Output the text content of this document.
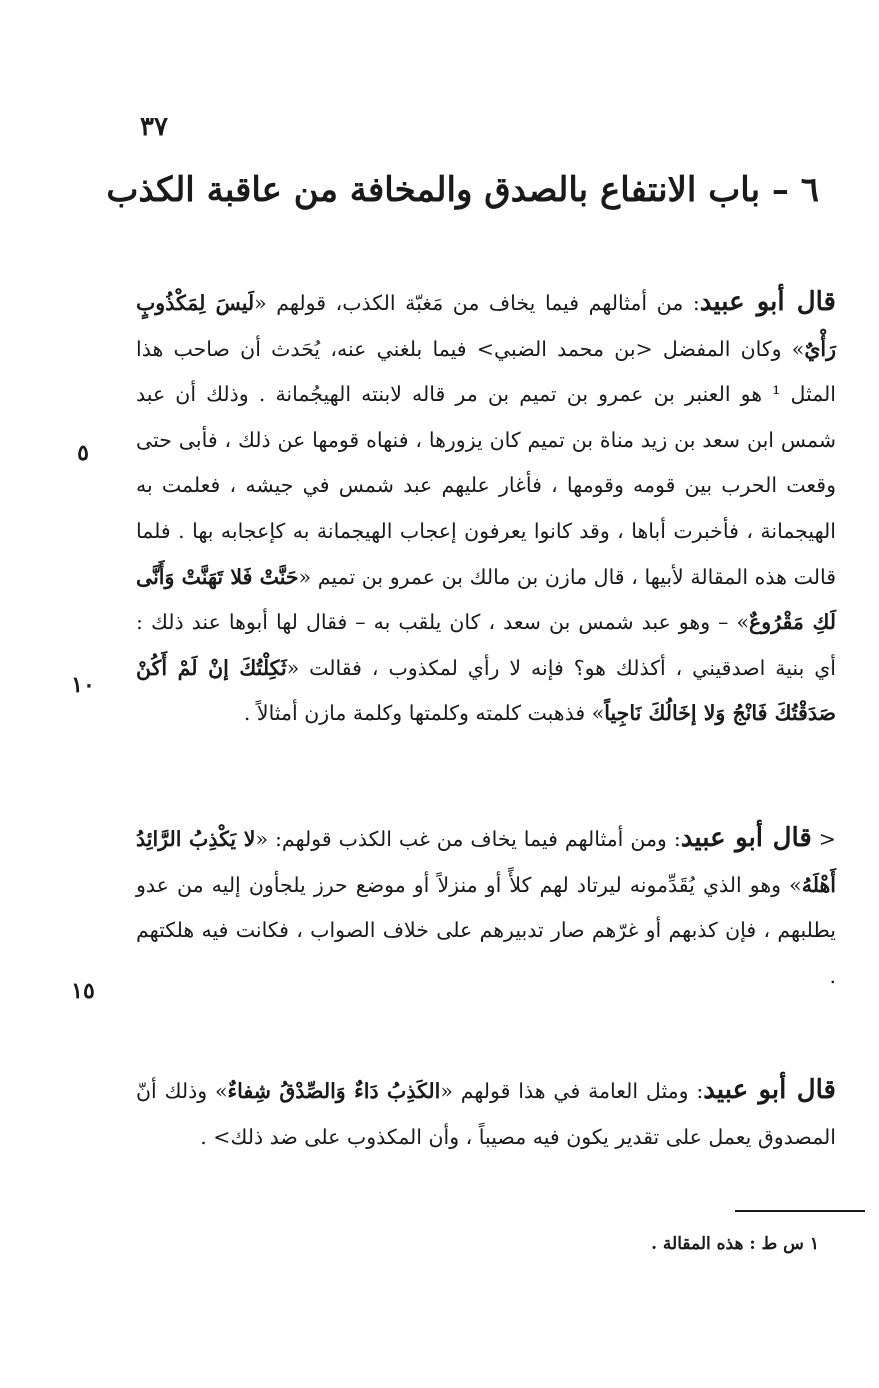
٣٧
٦ – باب الانتفاع بالصدق والمخافة من عاقبة الكذب
قال أبو عبيد: من أمثالهم فيما يخاف من مَغبّة الكذب، قولهم «لَيسَ لِمَكْذُوبٍ رَأْيٌ» وكان المفضل <بن محمد الضبي> فيما بلغني عنه، يُحَدث أن صاحب هذا المثل ¹ هو العنبر بن عمرو بن تميم بن مر قاله لابنته الهيجُمانة . وذلك أن عبد شمس ابن سعد بن زيد مناة بن تميم كان يزورها ، فنهاه قومها عن ذلك ، فأبى حتى وقعت الحرب بين قومه وقومها ، فأغار عليهم عبد شمس في جيشه ، فعلمت به الهيجمانة ، فأخبرت أباها ، وقد كانوا يعرفون إعجاب الهيجمانة به كإعجابه بها . فلما قالت هذه المقالة لأبيها ، قال مازن بن مالك بن عمرو بن تميم «حَنَّتْ فَلا تَهَنَّتْ وَأَنَّى لَكِ مَقْرُوعٌ» – وهو عبد شمس بن سعد ، كان يلقب به – فقال لها أبوها عند ذلك : أي بنية اصدقيني ، أكذلك هو؟ فإنه لا رأي لمكذوب ، فقالت «ثَكِلْتُكَ إنْ لَمْ أَكُنْ صَدَقْتُكَ فَانْجُ وَلا إخَالُكَ نَاجِياً» فذهبت كلمته وكلمتها وكلمة مازن أمثالاً .
٥
١٠
١٥
< قال أبو عبيد: ومن أمثالهم فيما يخاف من غب الكذب قولهم: «لا يَكْذِبُ الرَّائِدُ أَهْلَهُ» وهو الذي يُقَدِّمونه ليرتاد لهم كلأً أو منزلاً أو موضع حرز يلجأون إليه من عدو يطلبهم ، فإن كذبهم أو غرّهم صار تدبيرهم على خلاف الصواب ، فكانت فيه هلكتهم .
قال أبو عبيد: ومثل العامة في هذا قولهم «الكَذِبُ دَاءٌ وَالصِّدْقُ شِفاءٌ» وذلك أنّ المصدوق يعمل على تقدير يكون فيه مصيباً ، وأن المكذوب على ضد ذلك> .
١ س ط : هذه المقالة .
